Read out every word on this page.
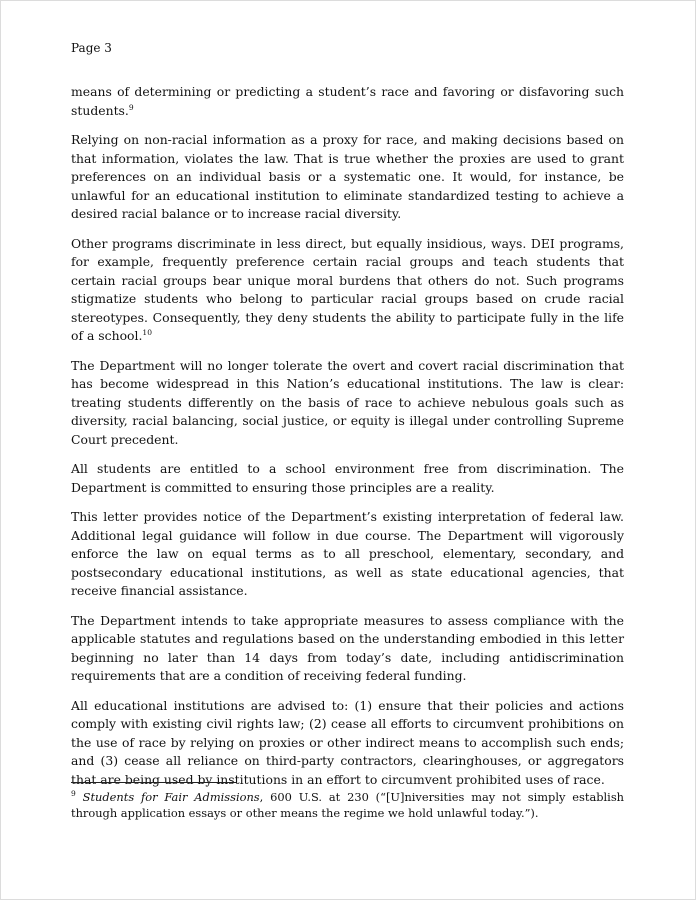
Page 3

means of determining or predicting a student’s race and favoring or disfavoring such students.$^9$

Relying on non-racial information as a proxy for race, and making decisions based on that information, violates the law. That is true whether the proxies are used to grant preferences on an individual basis or a systematic one. It would, for instance, be unlawful for an educational institution to eliminate standardized testing to achieve a desired racial balance or to increase racial diversity.

Other programs discriminate in less direct, but equally insidious, ways. DEI programs, for example, frequently preference certain racial groups and teach students that certain racial groups bear unique moral burdens that others do not. Such programs stigmatize students who belong to particular racial groups based on crude racial stereotypes. Consequently, they deny students the ability to participate fully in the life of a school.$^{10}$

The Department will no longer tolerate the overt and covert racial discrimination that has become widespread in this Nation’s educational institutions. The law is clear: treating students differently on the basis of race to achieve nebulous goals such as diversity, racial balancing, social justice, or equity is illegal under controlling Supreme Court precedent.

All students are entitled to a school environment free from discrimination. The Department is committed to ensuring those principles are a reality.

This letter provides notice of the Department’s existing interpretation of federal law. Additional legal guidance will follow in due course. The Department will vigorously enforce the law on equal terms as to all preschool, elementary, secondary, and postsecondary educational institutions, as well as state educational agencies, that receive financial assistance.

The Department intends to take appropriate measures to assess compliance with the applicable statutes and regulations based on the understanding embodied in this letter beginning no later than 14 days from today’s date, including antidiscrimination requirements that are a condition of receiving federal funding.

All educational institutions are advised to: (1) ensure that their policies and actions comply with existing civil rights law; (2) cease all efforts to circumvent prohibitions on the use of race by relying on proxies or other indirect means to accomplish such ends; and (3) cease all reliance on third-party contractors, clearinghouses, or aggregators that are being used by institutions in an effort to circumvent prohibited uses of race.

$^9$ Students for Fair Admissions, 600 U.S. at 230 (“[U]niversities may not simply establish through application essays or other means the regime we hold unlawful today.”).
